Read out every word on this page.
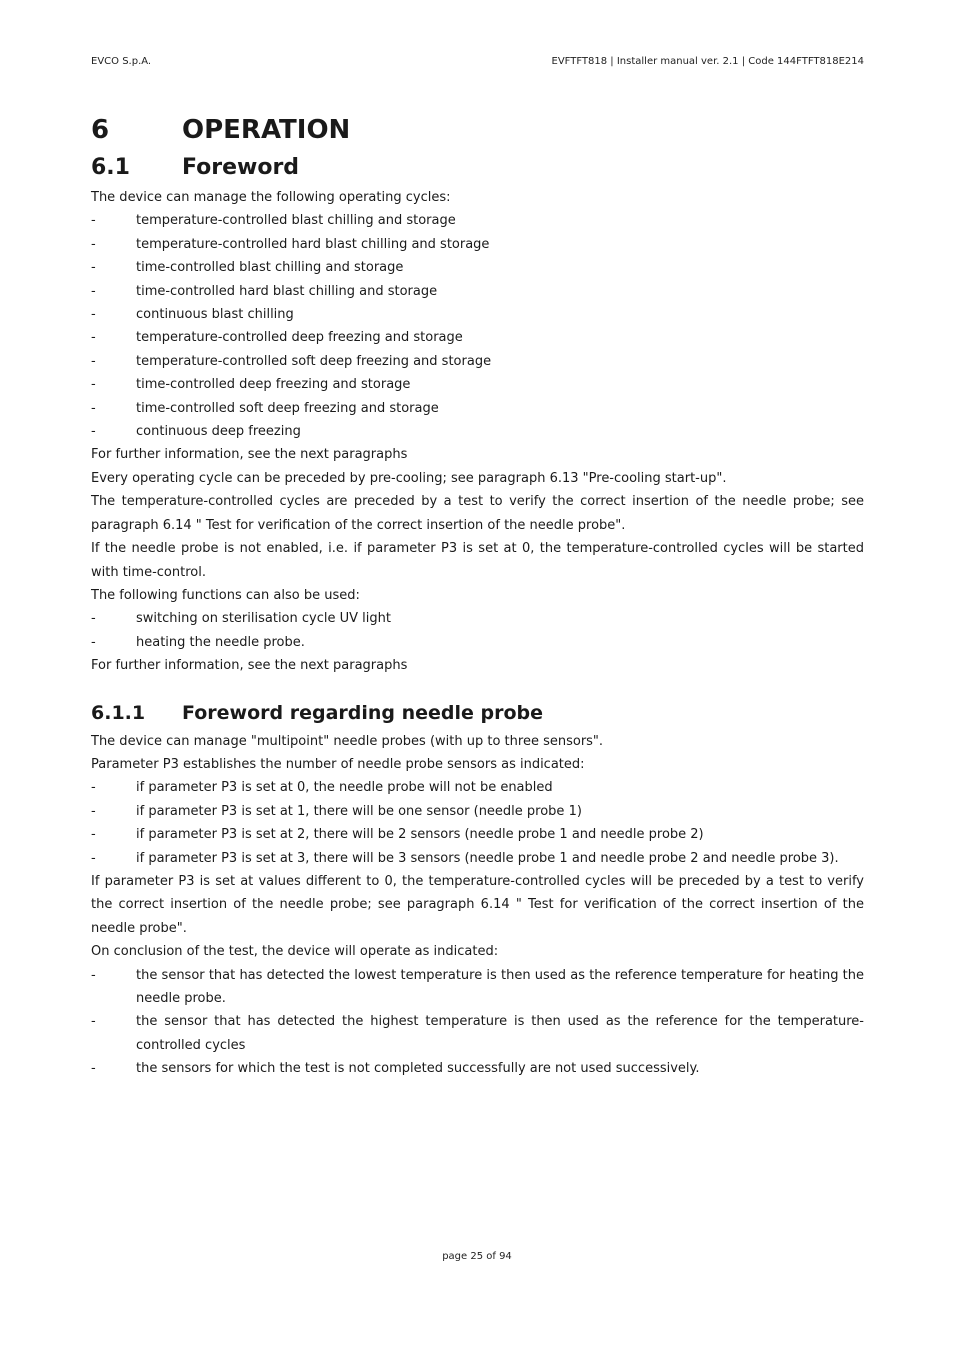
EVCO S.p.A.	EVFTFT818 | Installer manual ver. 2.1 | Code 144FTFT818E214
6	OPERATION
6.1	Foreword

The device can manage the following operating cycles:

-	temperature-controlled blast chilling and storage
-	temperature-controlled hard blast chilling and storage
-	time-controlled blast chilling and storage
-	time-controlled hard blast chilling and storage
-	continuous blast chilling
-	temperature-controlled deep freezing and storage
-	temperature-controlled soft deep freezing and storage
-	time-controlled deep freezing and storage
-	time-controlled soft deep freezing and storage
-	continuous deep freezing

For further information, see the next paragraphs

Every operating cycle can be preceded by pre-cooling; see paragraph 6.13 "Pre-cooling start-up".

The temperature-controlled cycles are preceded by a test to verify the correct insertion of the needle probe; see paragraph 6.14 " Test for verification of the correct insertion of the needle probe".

If the needle probe is not enabled, i.e. if parameter P3 is set at 0, the temperature-controlled cycles will be started with time-control.

The following functions can also be used:

-	switching on sterilisation cycle UV light
-	heating the needle probe.

For further information, see the next paragraphs

6.1.1	Foreword regarding needle probe

The device can manage "multipoint" needle probes (with up to three sensors".

Parameter P3 establishes the number of needle probe sensors as indicated:

-	if parameter P3 is set at 0, the needle probe will not be enabled
-	if parameter P3 is set at 1, there will be one sensor (needle probe 1)
-	if parameter P3 is set at 2, there will be 2 sensors (needle probe 1 and needle probe 2)
-	if parameter P3 is set at 3, there will be 3 sensors (needle probe 1 and needle probe 2 and needle probe 3).

If parameter P3 is set at values different to 0, the temperature-controlled cycles will be preceded by a test to verify the correct insertion of the needle probe; see paragraph 6.14 " Test for verification of the correct insertion of the needle probe".

On conclusion of the test, the device will operate as indicated:

-	the sensor that has detected the lowest temperature is then used as the reference temperature for heating the needle probe.
-	the sensor that has detected the highest temperature is then used as the reference for the temperature-controlled cycles
-	the sensors for which the test is not completed successfully are not used successively.
page 25 of 94
